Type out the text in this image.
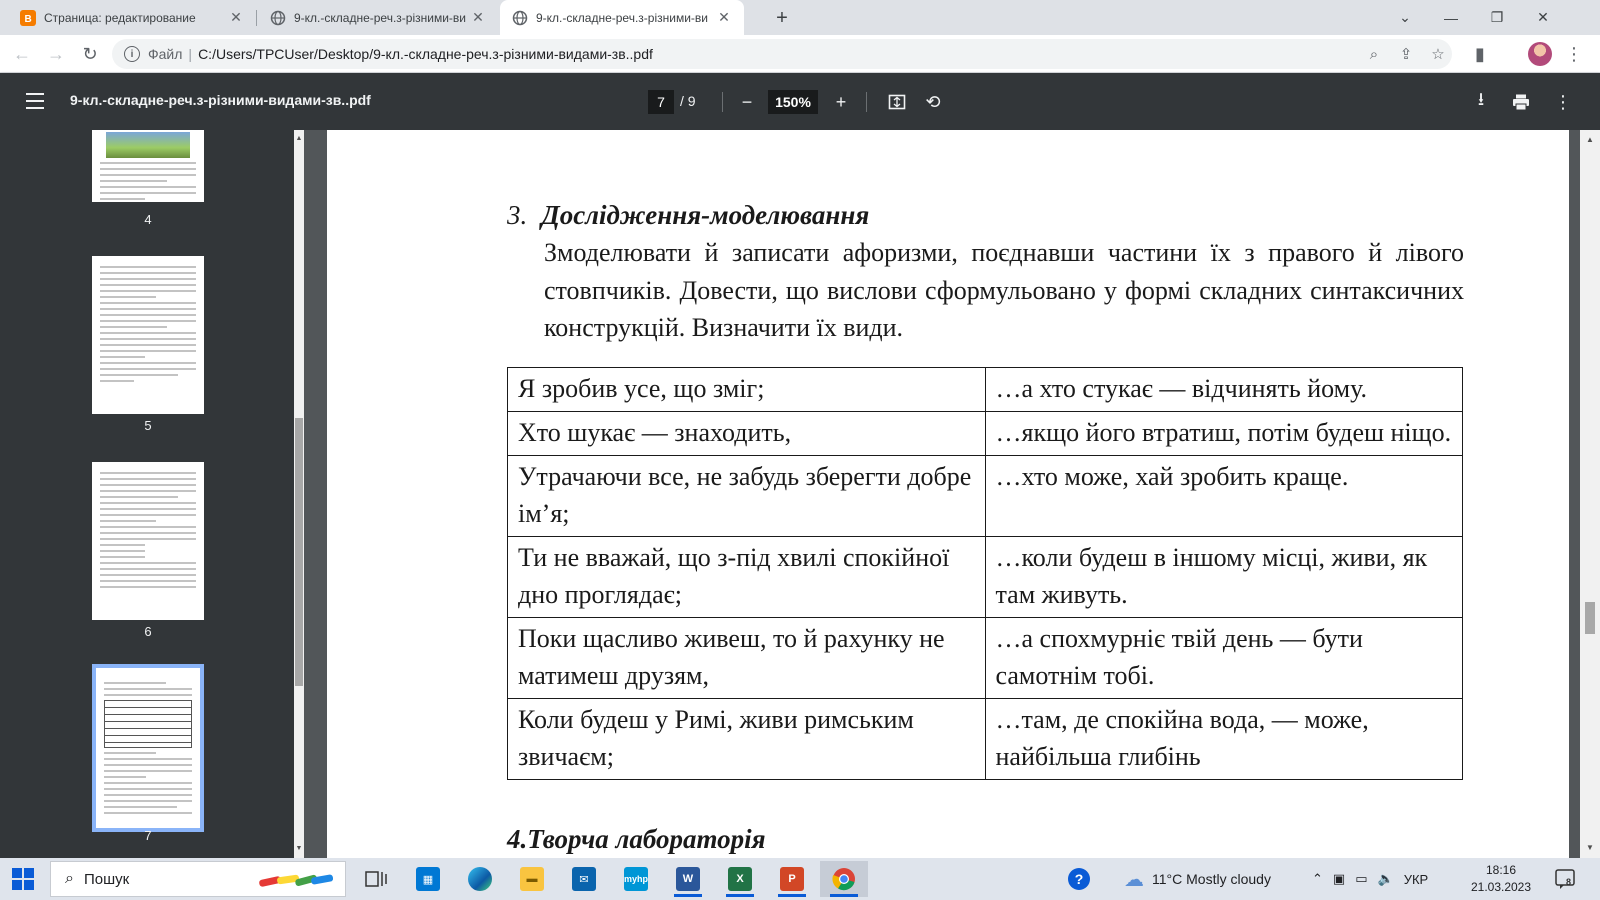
B Страница: редактирование	✕	9-кл.-складне-реч.з-різними-ви ✕	9-кл.-складне-реч.з-різними-ви ✕	+	⌄	—	❐	✕
← → ↻	i	Файл | C:/Users/TPCUser/Desktop/9-кл.-складне-реч.з-різними-видами-зв..pdf	⌕	⇪	☆	▮	⋮
9-кл.-складне-реч.з-різними-видами-зв..pdf	7	/ 9	−	150%	+	⟲	⭳	⋮
4
5
6
7
▲
▼
3. Дослідження-моделювання
Змоделювати й записати афоризми, поєднавши частини їх з правого й лівого стовпчиків. Довести, що вислови сформульовано у формі складних синтаксичних конструкцій. Визначити їх види.
Я зробив усе, що зміг;	…а хто стукає — відчинять йому.
Хто шукає — знаходить,	…якщо його втратиш, потім будеш ніщо.
Утрачаючи все, не забудь зберегти добре ім’я;	…хто може, хай зробить краще.
Ти не вважай, що з-під хвилі спокійної дно проглядає;	…коли будеш в іншому місці, живи, як там живуть.
Поки щасливо живеш, то й рахунку не матимеш друзям,	…а спохмурніє твій день — бути самотнім тобі.
Коли будеш у Римі, живи римським звичаєм;	…там, де спокійна вода, — може, найбільша глибінь
4.Творча лабораторія
▲
▼
⌕ Пошук	▦	▬	✉	myhp	W	X	P	?	☁ 11°C Mostly cloudy	⌃ ▣ ▭ 🔈 УКР
18:16
21.03.2023	8
